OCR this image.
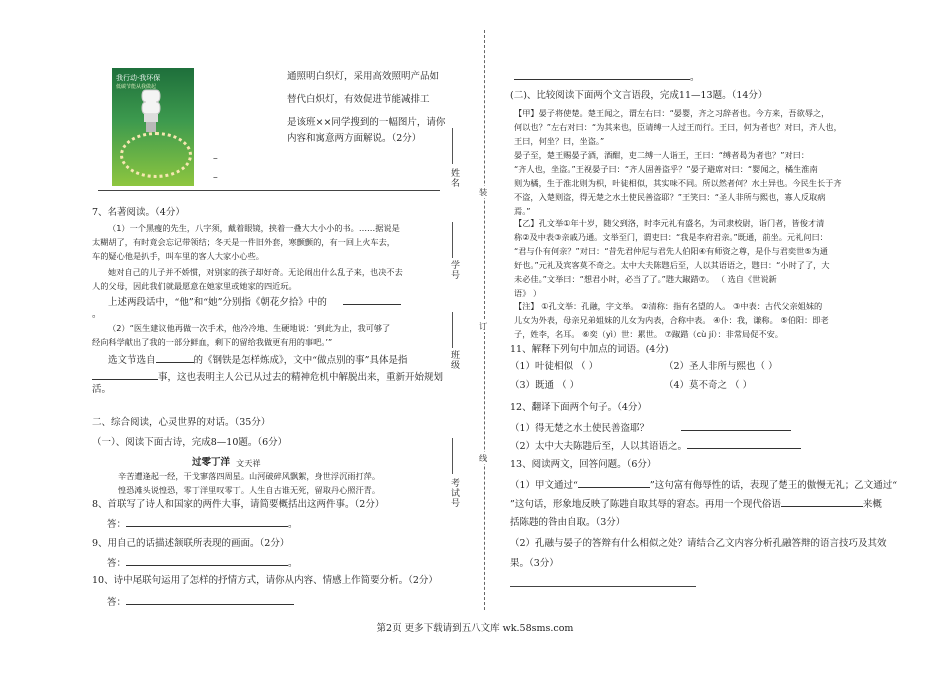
我行动·我环保
低碳节能从我做起
通照明白织灯，采用高效照明产品如
替代白炽灯，有效促进节能减排工
是该班××同学搜到的一幅图片，请你
内容和寓意两方面解说。（2分）
–
–
7、名著阅读。（4分）
（1）一个黑瘦的先生，八字须，戴着眼镜，挟着一叠大大小小的书。……据说是
太糊胡了，有时竟会忘记带领结；冬天是一件旧外套，寒颤颤的，有一回上火车去，
车的疑心他是扒手，叫车里的客人大家小心些。
她对自己的儿子并不娇惯，对别家的孩子却好奇。无论闹出什么乱子来，也决不去
人的父母，因此我们就最愿意在她家里或她家的四近玩。
上述两段话中，“他”和“她”分别指《朝花夕拾》中的
。
（2）“医生建议他再做一次手术，他冷冷地、生硬地说：‘到此为止，我可够了
经向科学献出了我的一部分鲜血，剩下的留给我做更有用的事吧。’”
选文节选自	的《钢铁是怎样炼成》，文中“做点别的事”具体是指
事，这也表明主人公已从过去的精神危机中解脱出来，重新开始规划
活。
二、综合阅读，心灵世界的对话。（35分）
（一）、阅读下面古诗，完成8—10题。（6分）
过零丁洋 文天祥
辛苦遭逢起一经，干戈寥落四周星。山河破碎风飘絮，身世浮沉雨打萍。
惶恐滩头说惶恐，零丁洋里叹零丁。人生自古谁无死，留取丹心照汗青。
8、首联写了诗人和国家的两件大事，请简要概括出这两件事。（2分）
答：	。
9、用自己的话描述颔联所表现的画面。（2分）
答：	。
10、诗中尾联句运用了怎样的抒情方式，请你从内容、情感上作简要分析。（2分）
答：
姓名
学号
班级
考试号
装
订
线
。
(二)、比较阅读下面两个文言语段，完成11—13题。（14分）
【甲】晏子将使楚。楚王闻之，谓左右曰：“晏婴，齐之习辞者也。今方来，吾欲辱之，
何以也？”左右对曰：“为其来也，臣请缚一人过王而行。王曰，何为者也？对曰，齐人也，
王曰，何坐？曰，坐盗。”
晏子至，楚王赐晏子酒，酒酣，吏二缚一人诣王，王曰：“缚者曷为者也？”对曰：
“齐人也，坐盗。”王视晏子曰：“齐人固善盗乎？”晏子避席对曰：“婴闻之，橘生淮南
则为橘，生于淮北则为枳，叶徒相似，其实味不同。所以然者何？水土异也。今民生长于齐
不盗，入楚则盗，得无楚之水土使民善盗耶？”王笑曰：“圣人非所与熙也，寡人反取病
焉。”
【乙】孔文举①年十岁，随父到洛，时李元礼有盛名，为司隶校尉，诣门者，皆俊才清
称②及中表③亲戚乃通。文举至门，谓吏曰：“我是李府君亲。”既通，前坐。元礼问曰：
“君与仆有何亲？”对曰：“昔先君仲尼与君先人伯阳④有师资之尊，是仆与君奕世⑤为通
好也。”元礼及宾客莫不奇之。太中大夫陈韪后至，人以其语语之，韪曰：“小时了了，大
未必佳。”文举曰：“想君小时，必当了了。”韪大踧踖⑦。 （ 选自《世说新
语》 ）
【注】 ①孔文举：孔融，字文举。 ②清称：指有名望的人。 ③中表：古代父亲姐妹的
儿女为外表，母亲兄弟姐妹的儿女为内表，合称中表。 ④仆：我，谦称。 ⑤伯阳：即老
子，姓李，名耳。 ⑥奕（yì）世：累世。 ⑦踧踖（cù jí）：非常局促不安。
11、解释下列句中加点的词语。(4分)
（1）叶徒相似 （ ）	（2）圣人非所与熙也（ ）
（3）既通 （ ）	（4）莫不奇之 （ ）
12、翻译下面两个句子。（4分）
（1）得无楚之水土使民善盗耶？
（2）太中大夫陈韪后至，人以其语语之。
13、阅读两文，回答问题。（6分）
（1）甲文通过“	”这句富有侮辱性的话，表现了楚王的傲慢无礼；乙文通过“
”这句话，形象地反映了陈韪自取其辱的窘态。再用一个现代俗语	来概
括陈韪的咎由自取。（3分）
（2）孔融与晏子的答辩有什么相似之处？请结合乙文内容分析孔融答辩的语言技巧及其效
果。（3分）
第2页 更多下载请到五八文库 wk.58sms.com
